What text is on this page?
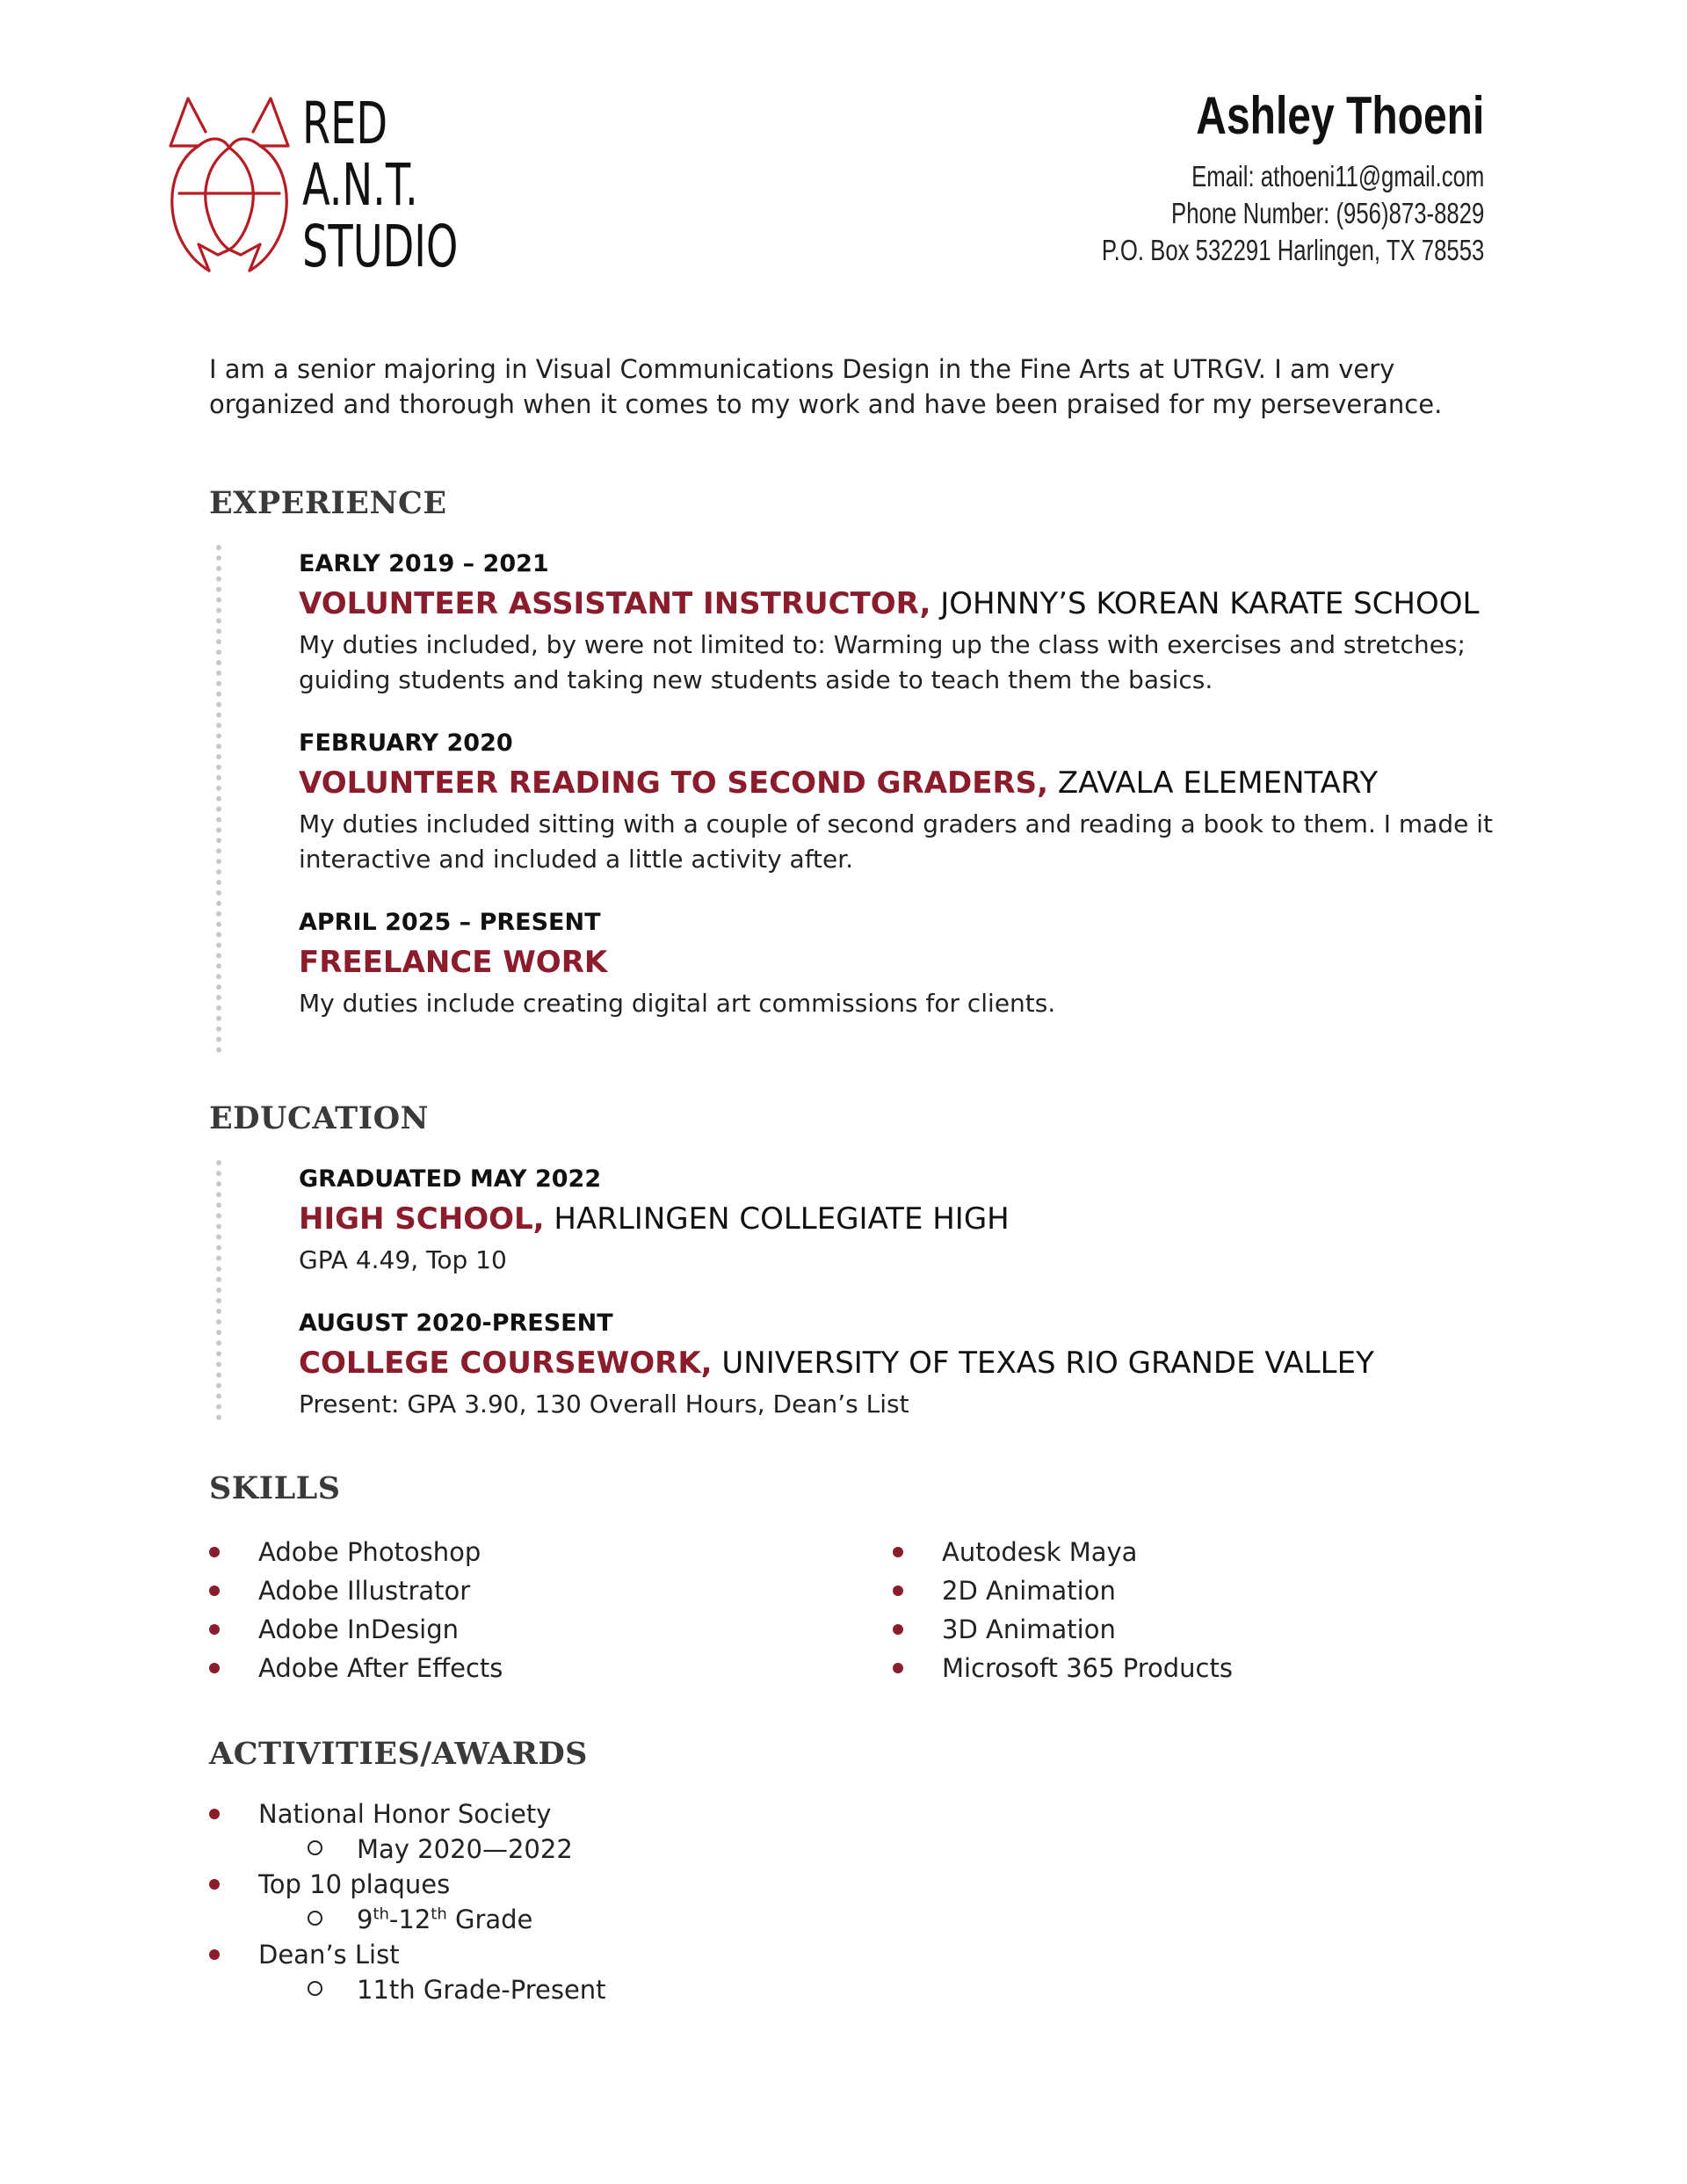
RED
A.N.T.
STUDIO
Ashley Thoeni
Email: athoeni11@gmail.com
Phone Number: (956)873-8829
P.O. Box 532291 Harlingen, TX 78553

I am a senior majoring in Visual Communications Design in the Fine Arts at UTRGV. I am very organized and thorough when it comes to my work and have been praised for my perseverance.

EXPERIENCE
EARLY 2019 – 2021
VOLUNTEER ASSISTANT INSTRUCTOR, JOHNNY’S KOREAN KARATE SCHOOL
My duties included, by were not limited to: Warming up the class with exercises and stretches; guiding students and taking new students aside to teach them the basics.
FEBRUARY 2020
VOLUNTEER READING TO SECOND GRADERS, ZAVALA ELEMENTARY
My duties included sitting with a couple of second graders and reading a book to them. I made it interactive and included a little activity after.
APRIL 2025 – PRESENT
FREELANCE WORK
My duties include creating digital art commissions for clients.
EDUCATION
GRADUATED MAY 2022
HIGH SCHOOL, HARLINGEN COLLEGIATE HIGH
GPA 4.49, Top 10
AUGUST 2020-PRESENT
COLLEGE COURSEWORK, UNIVERSITY OF TEXAS RIO GRANDE VALLEY
Present: GPA 3.90, 130 Overall Hours, Dean’s List
SKILLS
Adobe Photoshop
Adobe Illustrator
Adobe InDesign
Adobe After Effects
Autodesk Maya
2D Animation
3D Animation
Microsoft 365 Products
ACTIVITIES/AWARDS
National Honor Society
May 2020—2022
Top 10 plaques
9th-12th Grade
Dean’s List
11th Grade-Present
